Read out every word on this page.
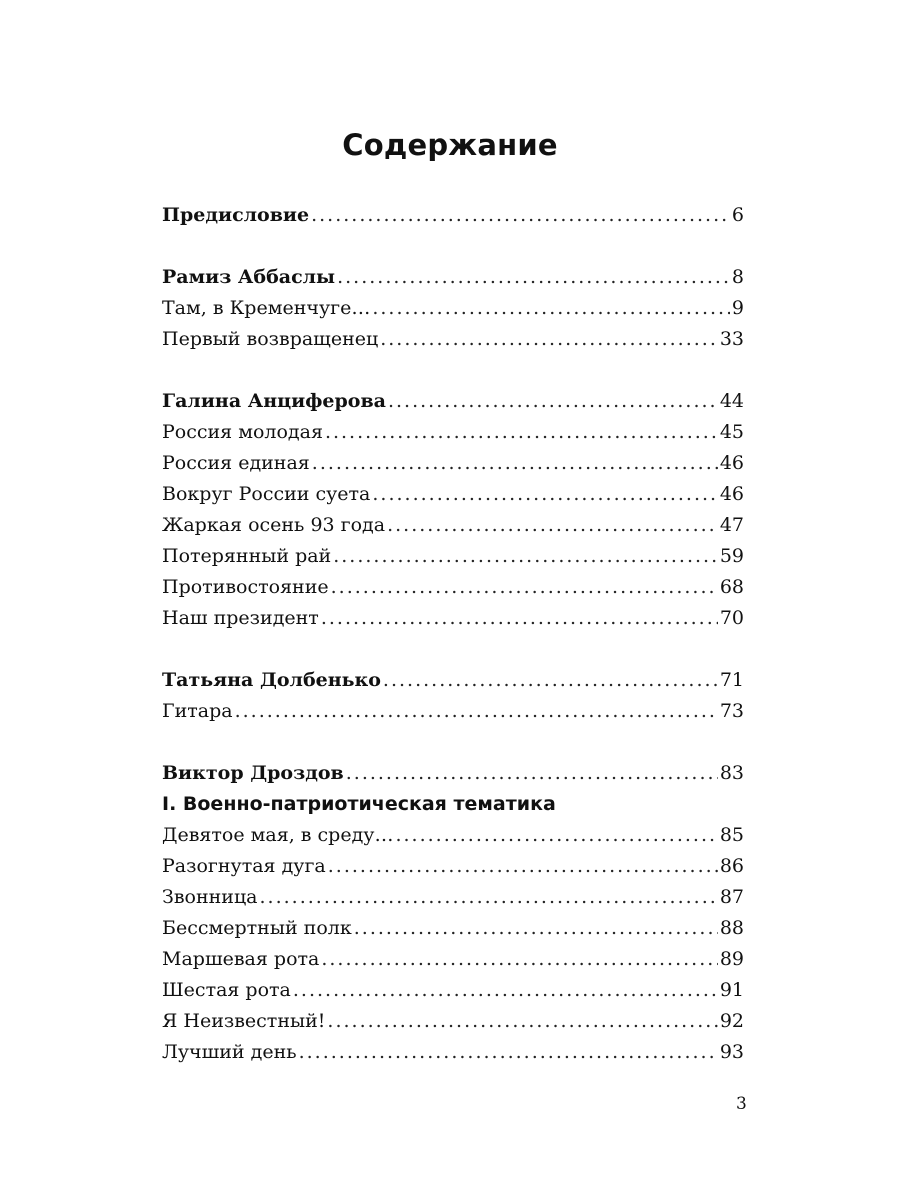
Содержание
Предисловие .....	6
Рамиз Аббаслы .....	8
Там, в Кременчуге… .....	9
Первый возвращенец .....	33
Галина Анциферова .....	44
Россия молодая .....	45
Россия единая .....	46
Вокруг России суета .....	46
Жаркая осень 93 года .....	47
Потерянный рай .....	59
Противостояние .....	68
Наш президент .....	70
Татьяна Долбенько .....	71
Гитара .....	73
Виктор Дроздов .....	83
I. Военно-патриотическая тематика
Девятое мая, в среду… .....	85
Разогнутая дуга .....	86
Звонница .....	87
Бессмертный полк .....	88
Маршевая рота .....	89
Шестая рота .....	91
Я Неизвестный! .....	92
Лучший день .....	93
3
